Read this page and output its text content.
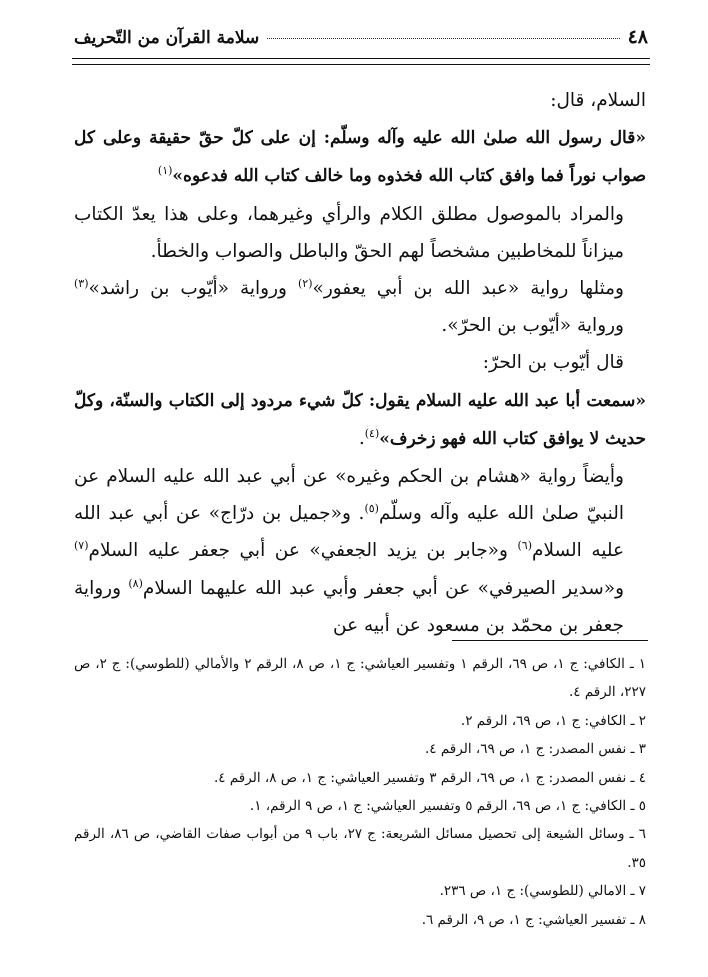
٤٨
سلامة القرآن من التّحريف

السلام، قال:

«قال رسول الله صلىٰ الله عليه وآله وسلّم: إن على كلّ حقّ حقيقة وعلى كل صواب نوراً فما وافق كتاب الله فخذوه وما خالف كتاب الله فدعوه»$^{(١)}$

والمراد بالموصول مطلق الكلام والرأي وغيرهما، وعلى هذا يعدّ الكتاب ميزاناً للمخاطبين مشخصاً لهم الحقّ والباطل والصواب والخطأ.

ومثلها رواية «عبد الله بن أبي يعفور»$^{(٢)}$ ورواية «أيّوب بن راشد»$^{(٣)}$ ورواية «أيّوب بن الحرّ».

قال أيّوب بن الحرّ:

«سمعت أبا عبد الله عليه السلام يقول: كلّ شيء مردود إلى الكتاب والسنّة، وكلّ حديث لا يوافق كتاب الله فهو زخرف»$^{(٤)}$.

وأيضاً رواية «هشام بن الحكم وغيره» عن أبي عبد الله عليه السلام عن النبيّ صلىٰ الله عليه وآله وسلّم$^{(٥)}$. و«جميل بن درّاج» عن أبي عبد الله عليه السلام$^{(٦)}$ و«جابر بن يزيد الجعفي» عن أبي جعفر عليه السلام$^{(٧)}$ و«سدير الصيرفي» عن أبي جعفر وأبي عبد الله عليهما السلام$^{(٨)}$ ورواية جعفر بن محمّد بن مسعود عن أبيه عن

١ ـ الكافي: ج ١، ص ٦٩، الرقم ١ وتفسير العياشي: ج ١، ص ٨، الرقم ٢ والأمالي (للطوسي): ج ٢، ص ٢٢٧، الرقم ٤.
٢ ـ الكافي: ج ١، ص ٦٩، الرقم ٢.
٣ ـ نفس المصدر: ج ١، ص ٦٩، الرقم ٤.
٤ ـ نفس المصدر: ج ١، ص ٦٩، الرقم ٣ وتفسير العياشي: ج ١، ص ٨، الرقم ٤.
٥ ـ الكافي: ج ١، ص ٦٩، الرقم ٥ وتفسير العياشي: ج ١، ص ٩ الرقم، ١.
٦ ـ وسائل الشيعة إلى تحصيل مسائل الشريعة: ج ٢٧، باب ٩ من أبواب صفات القاضي، ص ٨٦، الرقم ٣٥.
٧ ـ الامالي (للطوسي): ج ١، ص ٢٣٦.
٨ ـ تفسير العياشي: ج ١، ص ٩، الرقم ٦.
